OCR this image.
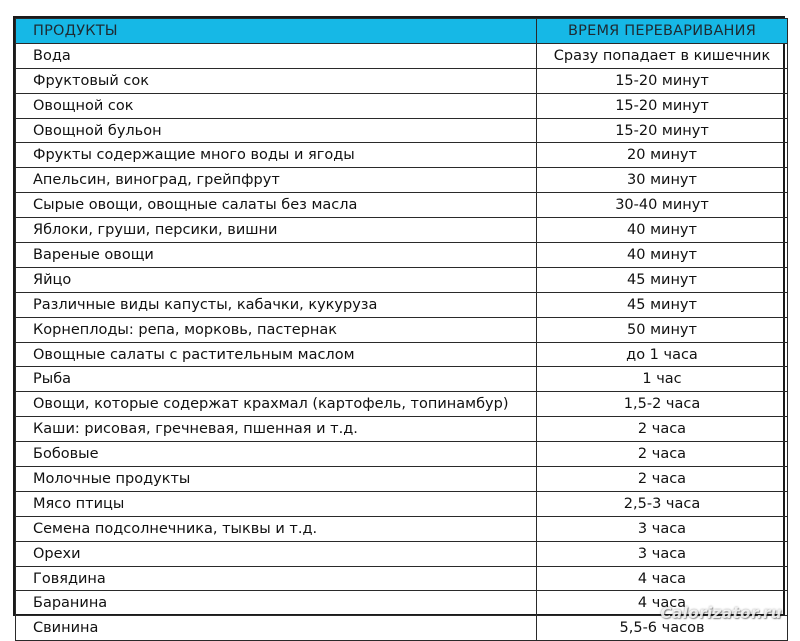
ПРОДУКТЫ	ВРЕМЯ ПЕРЕВАРИВАНИЯ
Вода	Сразу попадает в кишечник
Фруктовый сок	15-20 минут
Овощной сок	15-20 минут
Овощной бульон	15-20 минут
Фрукты содержащие много воды и ягоды	20 минут
Апельсин, виноград, грейпфрут	30 минут
Сырые овощи, овощные салаты без масла	30-40 минут
Яблоки, груши, персики, вишни	40 минут
Вареные овощи	40 минут
Яйцо	45 минут
Различные виды капусты, кабачки, кукуруза	45 минут
Корнеплоды: репа, морковь, пастернак	50 минут
Овощные салаты с растительным маслом	до 1 часа
Рыба	1 час
Овощи, которые содержат крахмал (картофель, топинамбур)	1,5-2 часа
Каши: рисовая, гречневая, пшенная и т.д.	2 часа
Бобовые	2 часа
Молочные продукты	2 часа
Мясо птицы	2,5-3 часа
Семена подсолнечника, тыквы и т.д.	3 часа
Орехи	3 часа
Говядина	4 часа
Баранина	4 часа
Свинина	5,5-6 часов
Calorizator.ru
